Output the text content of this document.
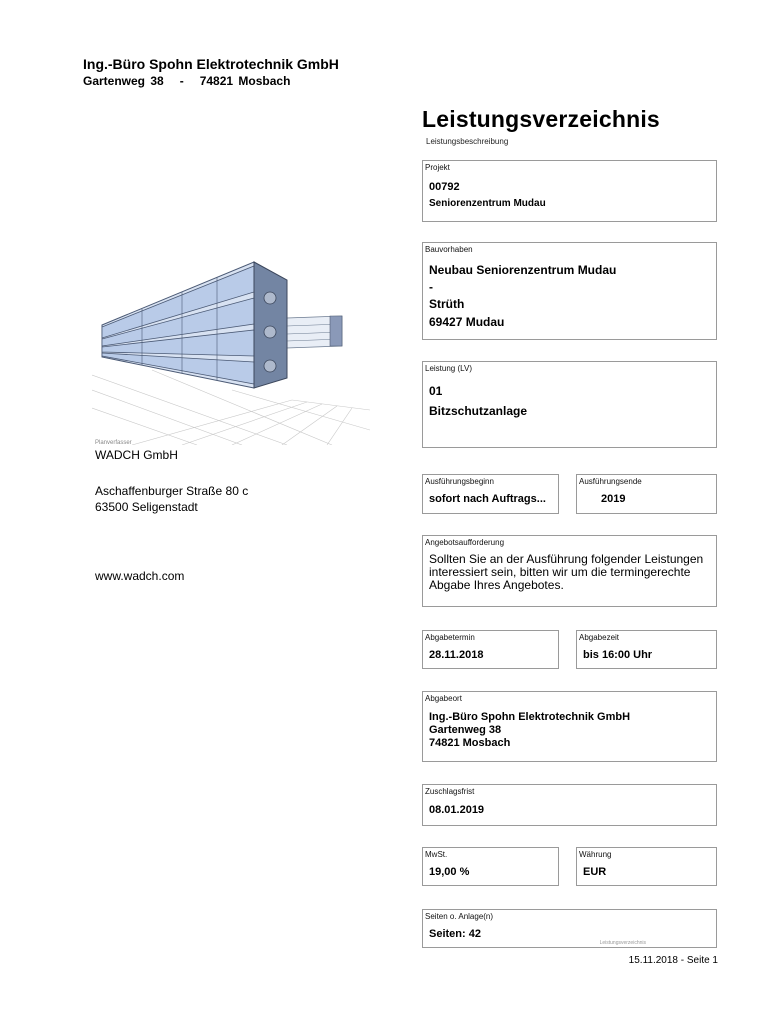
Ing.-Büro Spohn Elektrotechnik GmbH
Gartenweg 38   -   74821 Mosbach
Leistungsverzeichnis
Leistungsbeschreibung
Planverfasser
WADCH GmbH
Aschaffenburger Straße 80 c
63500 Seligenstadt
www.wadch.com
Projekt
00792
Seniorenzentrum Mudau
Bauvorhaben
Neubau Seniorenzentrum Mudau
-
Strüth
69427 Mudau
Leistung (LV)
01
Bitzschutzanlage
Ausführungsbeginn
sofort nach Auftrags...
Ausführungsende
2019
Angebotsaufforderung
Sollten Sie an der Ausführung folgender Leistungen interessiert sein, bitten wir um die termingerechte Abgabe Ihres Angebotes.
Abgabetermin
28.11.2018
Abgabezeit
bis 16:00 Uhr
Abgabeort
Ing.-Büro Spohn Elektrotechnik GmbH
Gartenweg 38
74821 Mosbach
Zuschlagsfrist
08.01.2019
MwSt.
19,00 %
Währung
EUR
Seiten o. Anlage(n)
Seiten: 42
Leistungsverzeichnis
15.11.2018 - Seite 1
